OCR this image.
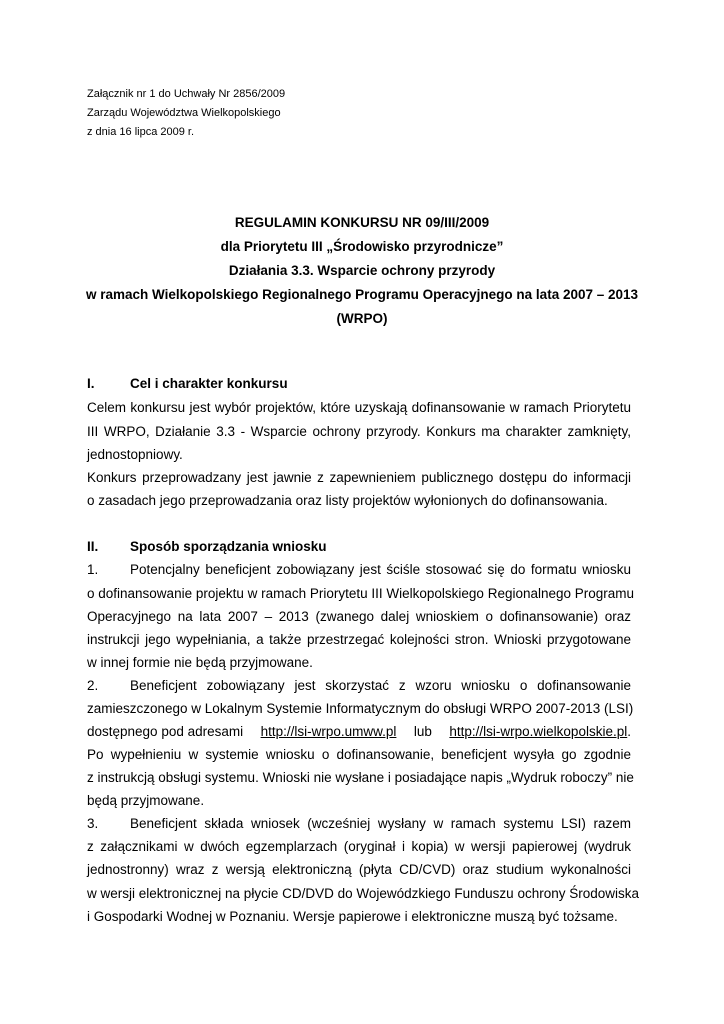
Załącznik nr 1 do Uchwały Nr 2856/2009
Zarządu Województwa Wielkopolskiego
z dnia 16 lipca 2009 r.
REGULAMIN KONKURSU NR 09/III/2009
dla Priorytetu III „Środowisko przyrodnicze”
Działania 3.3. Wsparcie ochrony przyrody
w ramach Wielkopolskiego Regionalnego Programu Operacyjnego na lata 2007 – 2013
(WRPO)
I.	Cel i charakter konkursu
Celem konkursu jest wybór projektów, które uzyskają dofinansowanie w ramach Priorytetu
III WRPO, Działanie 3.3 - Wsparcie ochrony przyrody. Konkurs ma charakter zamknięty,
jednostopniowy.
Konkurs przeprowadzany jest jawnie z zapewnieniem publicznego dostępu do informacji
o zasadach jego przeprowadzania oraz listy projektów wyłonionych do dofinansowania.
II. Sposób sporządzania wniosku
1.	Potencjalny beneficjent zobowiązany jest ściśle stosować się do formatu wniosku
o dofinansowanie projektu w ramach Priorytetu III Wielkopolskiego Regionalnego Programu
Operacyjnego na lata 2007 – 2013 (zwanego dalej wnioskiem o dofinansowanie) oraz
instrukcji jego wypełniania, a także przestrzegać kolejności stron. Wnioski przygotowane
w innej formie nie będą przyjmowane.
2.	Beneficjent zobowiązany jest skorzystać z wzoru wniosku o dofinansowanie
zamieszczonego w Lokalnym Systemie Informatycznym do obsługi WRPO 2007-2013 (LSI)
dostępnego pod adresami http://lsi-wrpo.umww.pl lub http://lsi-wrpo.wielkopolskie.pl.
Po wypełnieniu w systemie wniosku o dofinansowanie, beneficjent wysyła go zgodnie
z instrukcją obsługi systemu. Wnioski nie wysłane i posiadające napis „Wydruk roboczy” nie
będą przyjmowane.
3.	Beneficjent składa wniosek (wcześniej wysłany w ramach systemu LSI) razem
z załącznikami w dwóch egzemplarzach (oryginał i kopia) w wersji papierowej (wydruk
jednostronny) wraz z wersją elektroniczną (płyta CD/CVD) oraz studium wykonalności
w wersji elektronicznej na płycie CD/DVD do Wojewódzkiego Funduszu ochrony Środowiska
i Gospodarki Wodnej w Poznaniu. Wersje papierowe i elektroniczne muszą być tożsame.
